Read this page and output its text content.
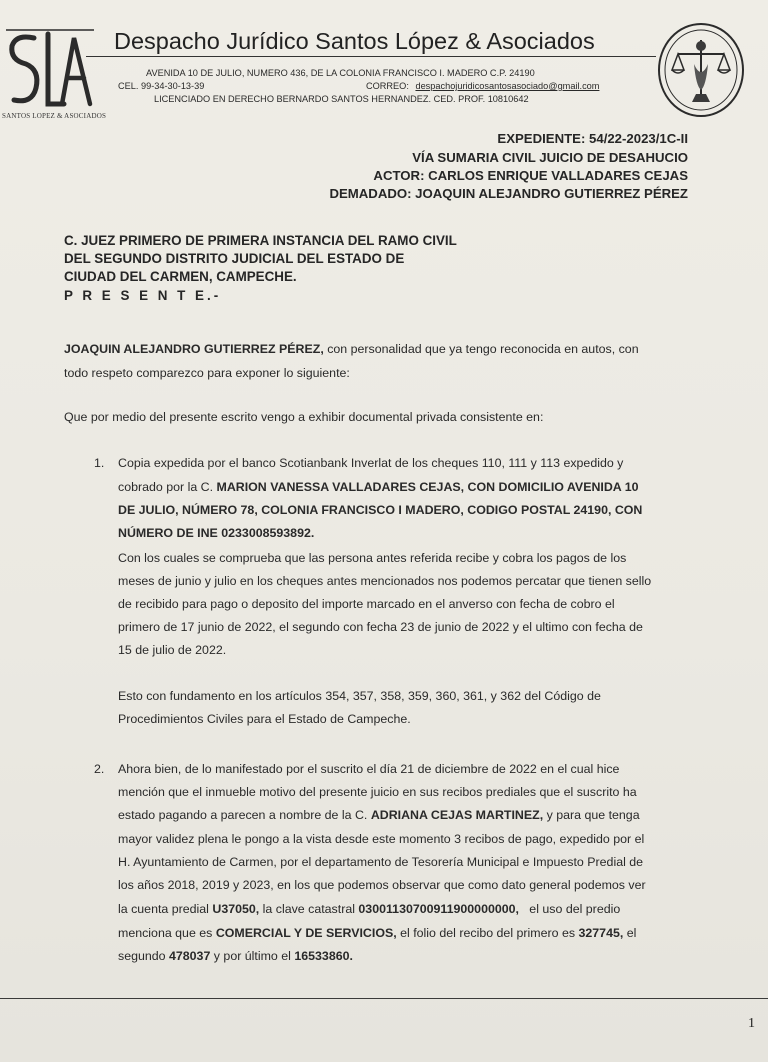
SANTOS LOPEZ & ASOCIADOS
Despacho Jurídico Santos López & Asociados
AVENIDA 10 DE JULIO, NUMERO 436, DE LA COLONIA FRANCISCO I. MADERO C.P. 24190
CEL. 99-34-30-13-39	CORREO: despachojuridicosantosasociado@gmail.com
LICENCIADO EN DERECHO BERNARDO SANTOS HERNANDEZ. CED. PROF. 10810642
EXPEDIENTE: 54/22-2023/1C-II
VÍA SUMARIA CIVIL JUICIO DE DESAHUCIO
ACTOR: CARLOS ENRIQUE VALLADARES CEJAS
DEMADADO: JOAQUIN ALEJANDRO GUTIERREZ PÉREZ
C. JUEZ PRIMERO DE PRIMERA INSTANCIA DEL RAMO CIVIL
DEL SEGUNDO DISTRITO JUDICIAL DEL ESTADO DE
CIUDAD DEL CARMEN, CAMPECHE.
P R E S E N T E.-
JOAQUIN ALEJANDRO GUTIERREZ PÉREZ, con personalidad que ya tengo reconocida en autos, con
todo respeto comparezco para exponer lo siguiente:
Que por medio del presente escrito vengo a exhibir documental privada consistente en:
1. Copia expedida por el banco Scotianbank Inverlat de los cheques 110, 111 y 113 expedido y
cobrado por la C. MARION VANESSA VALLADARES CEJAS, CON DOMICILIO AVENIDA 10
DE JULIO, NÚMERO 78, COLONIA FRANCISCO I MADERO, CODIGO POSTAL 24190, CON
NÚMERO DE INE 0233008593892.
Con los cuales se comprueba que las persona antes referida recibe y cobra los pagos de los
meses de junio y julio en los cheques antes mencionados nos podemos percatar que tienen sello
de recibido para pago o deposito del importe marcado en el anverso con fecha de cobro el
primero de 17 junio de 2022, el segundo con fecha 23 de junio de 2022 y el ultimo con fecha de
15 de julio de 2022.
Esto con fundamento en los artículos 354, 357, 358, 359, 360, 361, y 362 del Código de
Procedimientos Civiles para el Estado de Campeche.
2. Ahora bien, de lo manifestado por el suscrito el día 21 de diciembre de 2022 en el cual hice
mención que el inmueble motivo del presente juicio en sus recibos prediales que el suscrito ha
estado pagando a parecen a nombre de la C. ADRIANA CEJAS MARTINEZ, y para que tenga
mayor validez plena le pongo a la vista desde este momento 3 recibos de pago, expedido por el
H. Ayuntamiento de Carmen, por el departamento de Tesorería Municipal e Impuesto Predial de
los años 2018, 2019 y 2023, en los que podemos observar que como dato general podemos ver
la cuenta predial U37050, la clave catastral 03001130700911900000000,   el uso del predio
menciona que es COMERCIAL Y DE SERVICIOS, el folio del recibo del primero es 327745, el
segundo 478037 y por último el 16533860.
1
